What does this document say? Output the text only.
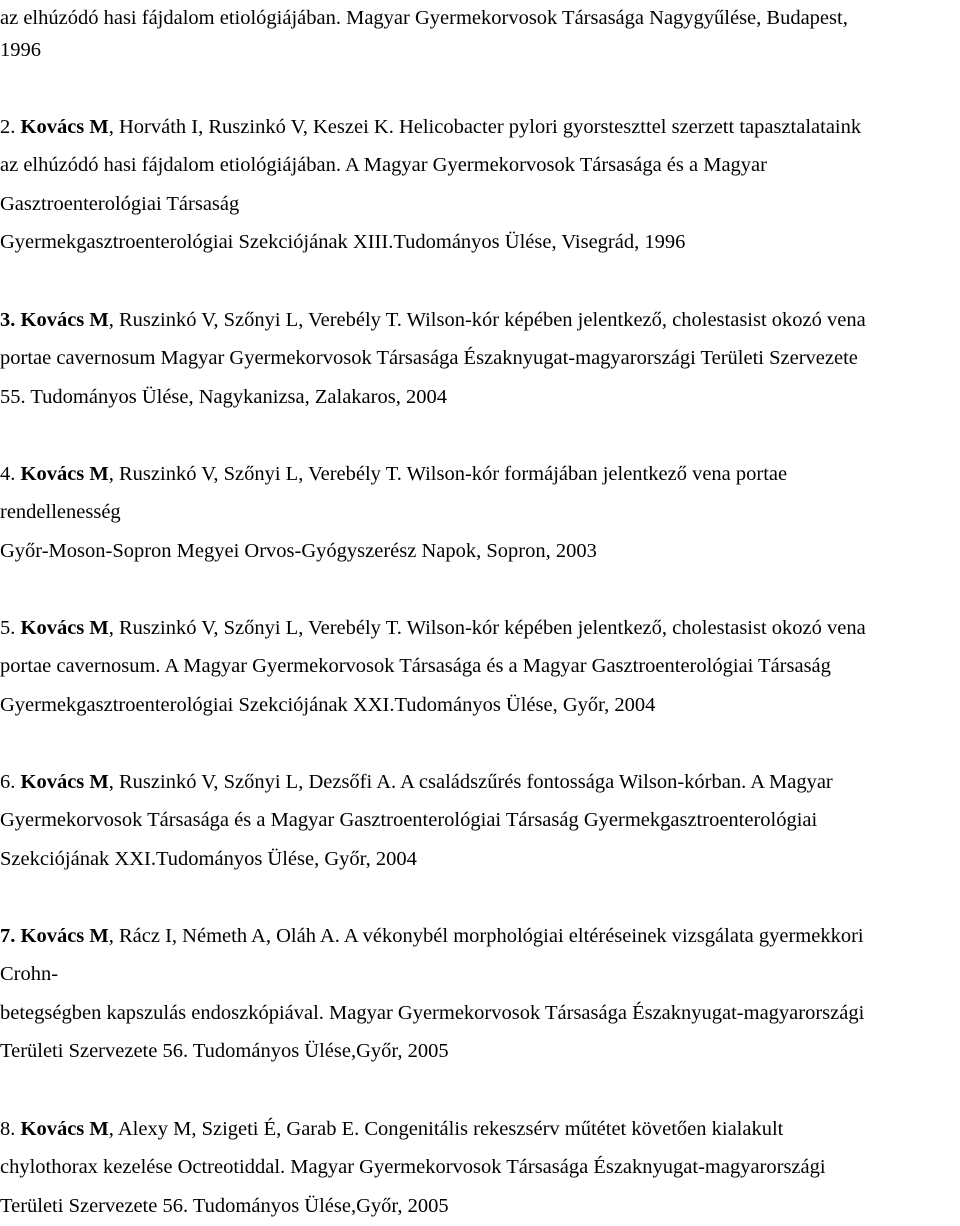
az elhúzódó hasi fájdalom etiológiájában. Magyar Gyermekorvosok Társasága Nagygyűlése, Budapest,

1996

2. Kovács M, Horváth I, Ruszinkó V, Keszei K. Helicobacter pylori gyorsteszttel szerzett tapasztalataink

az elhúzódó hasi fájdalom etiológiájában. A Magyar Gyermekorvosok Társasága és a Magyar

Gasztroenterológiai Társaság

Gyermekgasztroenterológiai Szekciójának XIII.Tudományos Ülése, Visegrád, 1996

3. Kovács M, Ruszinkó V, Szőnyi L, Verebély T. Wilson-kór képében jelentkező, cholestasist okozó vena

portae cavernosum Magyar Gyermekorvosok Társasága Északnyugat-magyarországi Területi Szervezete

55. Tudományos Ülése, Nagykanizsa, Zalakaros, 2004

4. Kovács M, Ruszinkó V, Szőnyi L, Verebély T. Wilson-kór formájában jelentkező vena portae

rendellenesség

Győr-Moson-Sopron Megyei Orvos-Gyógyszerész Napok, Sopron, 2003

5. Kovács M, Ruszinkó V, Szőnyi L, Verebély T. Wilson-kór képében jelentkező, cholestasist okozó vena

portae cavernosum. A Magyar Gyermekorvosok Társasága és a Magyar Gasztroenterológiai Társaság

Gyermekgasztroenterológiai Szekciójának XXI.Tudományos Ülése, Győr, 2004

6. Kovács M, Ruszinkó V, Szőnyi L, Dezsőfi A. A családszűrés fontossága Wilson-kórban. A Magyar

Gyermekorvosok Társasága és a Magyar Gasztroenterológiai Társaság Gyermekgasztroenterológiai

Szekciójának XXI.Tudományos Ülése, Győr, 2004

7. Kovács M, Rácz I, Németh A, Oláh A. A vékonybél morphológiai eltéréseinek vizsgálata gyermekkori

Crohn-

betegségben kapszulás endoszkópiával. Magyar Gyermekorvosok Társasága Északnyugat-magyarországi

Területi Szervezete 56. Tudományos Ülése,Győr, 2005

8. Kovács M, Alexy M, Szigeti É, Garab E. Congenitális rekeszsérv műtétet követően kialakult

chylothorax kezelése Octreotiddal. Magyar Gyermekorvosok Társasága Északnyugat-magyarországi

Területi Szervezete 56. Tudományos Ülése,Győr, 2005
